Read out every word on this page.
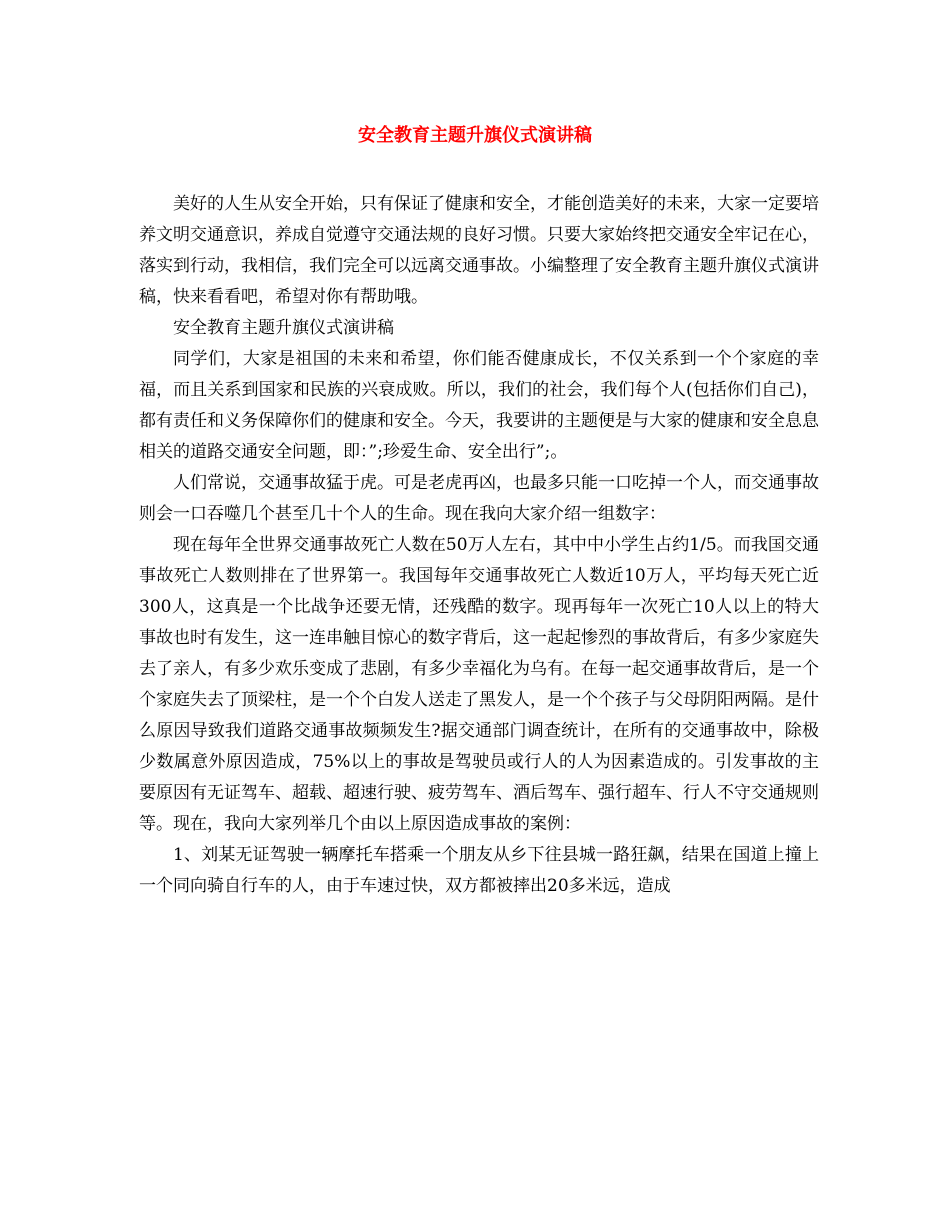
安全教育主题升旗仪式演讲稿

美好的人生从安全开始，只有保证了健康和安全，才能创造美好的未来，大家一定要培养文明交通意识，养成自觉遵守交通法规的良好习惯。只要大家始终把交通安全牢记在心，落实到行动，我相信，我们完全可以远离交通事故。小编整理了安全教育主题升旗仪式演讲稿，快来看看吧，希望对你有帮助哦。

安全教育主题升旗仪式演讲稿

同学们，大家是祖国的未来和希望，你们能否健康成长，不仅关系到一个个家庭的幸福，而且关系到国家和民族的兴衰成败。所以，我们的社会，我们每个人(包括你们自己)，都有责任和义务保障你们的健康和安全。今天，我要讲的主题便是与大家的健康和安全息息相关的道路交通安全问题，即：”;珍爱生命、安全出行”;。

人们常说，交通事故猛于虎。可是老虎再凶，也最多只能一口吃掉一个人，而交通事故则会一口吞噬几个甚至几十个人的生命。现在我向大家介绍一组数字：

现在每年全世界交通事故死亡人数在50万人左右，其中中小学生占约1/5。而我国交通事故死亡人数则排在了世界第一。我国每年交通事故死亡人数近10万人，平均每天死亡近300人，这真是一个比战争还要无情，还残酷的数字。现再每年一次死亡10人以上的特大事故也时有发生，这一连串触目惊心的数字背后，这一起起惨烈的事故背后，有多少家庭失去了亲人，有多少欢乐变成了悲剧，有多少幸福化为乌有。在每一起交通事故背后，是一个个家庭失去了顶梁柱，是一个个白发人送走了黑发人，是一个个孩子与父母阴阳两隔。是什么原因导致我们道路交通事故频频发生?据交通部门调查统计，在所有的交通事故中，除极少数属意外原因造成，75%以上的事故是驾驶员或行人的人为因素造成的。引发事故的主要原因有无证驾车、超载、超速行驶、疲劳驾车、酒后驾车、强行超车、行人不守交通规则等。现在，我向大家列举几个由以上原因造成事故的案例：

1、刘某无证驾驶一辆摩托车搭乘一个朋友从乡下往县城一路狂飙，结果在国道上撞上一个同向骑自行车的人，由于车速过快，双方都被摔出20多米远，造成
